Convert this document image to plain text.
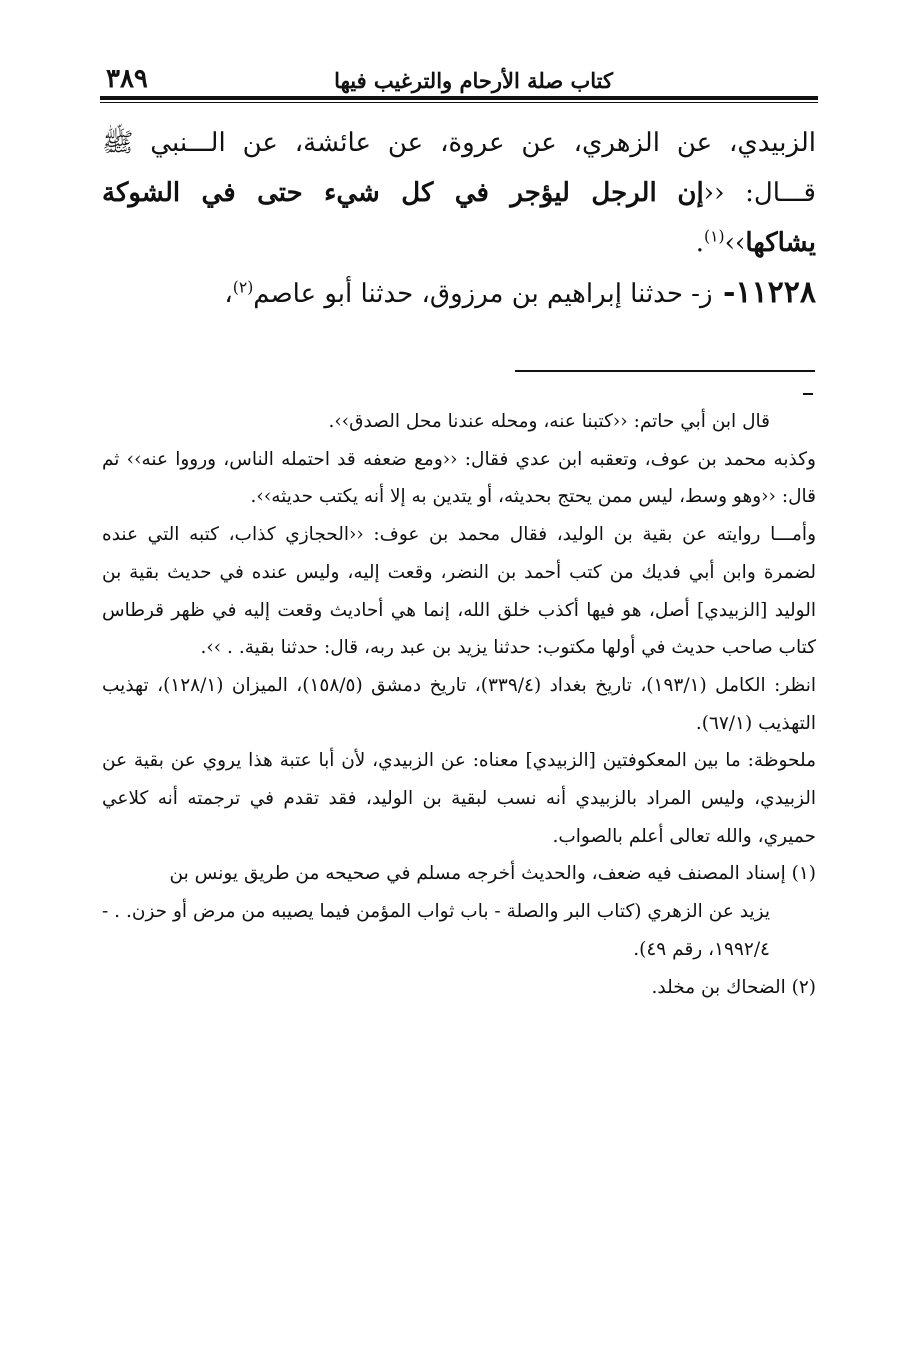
كتاب صلة الأرحام والترغيب فيها
٣٨٩

الزبيدي، عن الزهري، عن عروة، عن عائشة، عن الـــنبي ﷺ قـــال: ‹‹إن الرجل ليؤجر في كل شيء حتى في الشوكة يشاكها››$^{(١)}$.

١١٢٢٨- ز- حدثنا إبراهيم بن مرزوق، حدثنا أبو عاصم$^{(٢)}$،

قال ابن أبي حاتم: ‹‹كتبنا عنه، ومحله عندنا محل الصدق››.

وكذبه محمد بن عوف، وتعقبه ابن عدي فقال: ‹‹ومع ضعفه قد احتمله الناس، ورووا عنه›› ثم قال: ‹‹وهو وسط، ليس ممن يحتج بحديثه، أو يتدين به إلا أنه يكتب حديثه››.

وأمـــا روايته عن بقية بن الوليد، فقال محمد بن عوف: ‹‹الحجازي كذاب، كتبه التي عنده لضمرة وابن أبي فديك من كتب أحمد بن النضر، وقعت إليه، وليس عنده في حديث بقية بن الوليد [الزبيدي] أصل، هو فيها أكذب خلق الله، إنما هي أحاديث وقعت إليه في ظهر قرطاس كتاب صاحب حديث في أولها مكتوب: حدثنا يزيد بن عبد ربه، قال: حدثنا بقية. . ››.

انظر: الكامل (١٩٣/١)، تاريخ بغداد (٣٣٩/٤)، تاريخ دمشق (١٥٨/٥)، الميزان (١٢٨/١)، تهذيب التهذيب (٦٧/١).

ملحوظة: ما بين المعكوفتين [الزبيدي] معناه: عن الزبيدي، لأن أبا عتبة هذا يروي عن بقية عن الزبيدي، وليس المراد بالزبيدي أنه نسب لبقية بن الوليد، فقد تقدم في ترجمته أنه كلاعي حميري، والله تعالى أعلم بالصواب.

(١) إسناد المصنف فيه ضعف، والحديث أخرجه مسلم في صحيحه من طريق يونس بن

يزيد عن الزهري (كتاب البر والصلة - باب ثواب المؤمن فيما يصيبه من مرض أو حزن. . - ١٩٩٢/٤، رقم ٤٩).

(٢) الضحاك بن مخلد.
